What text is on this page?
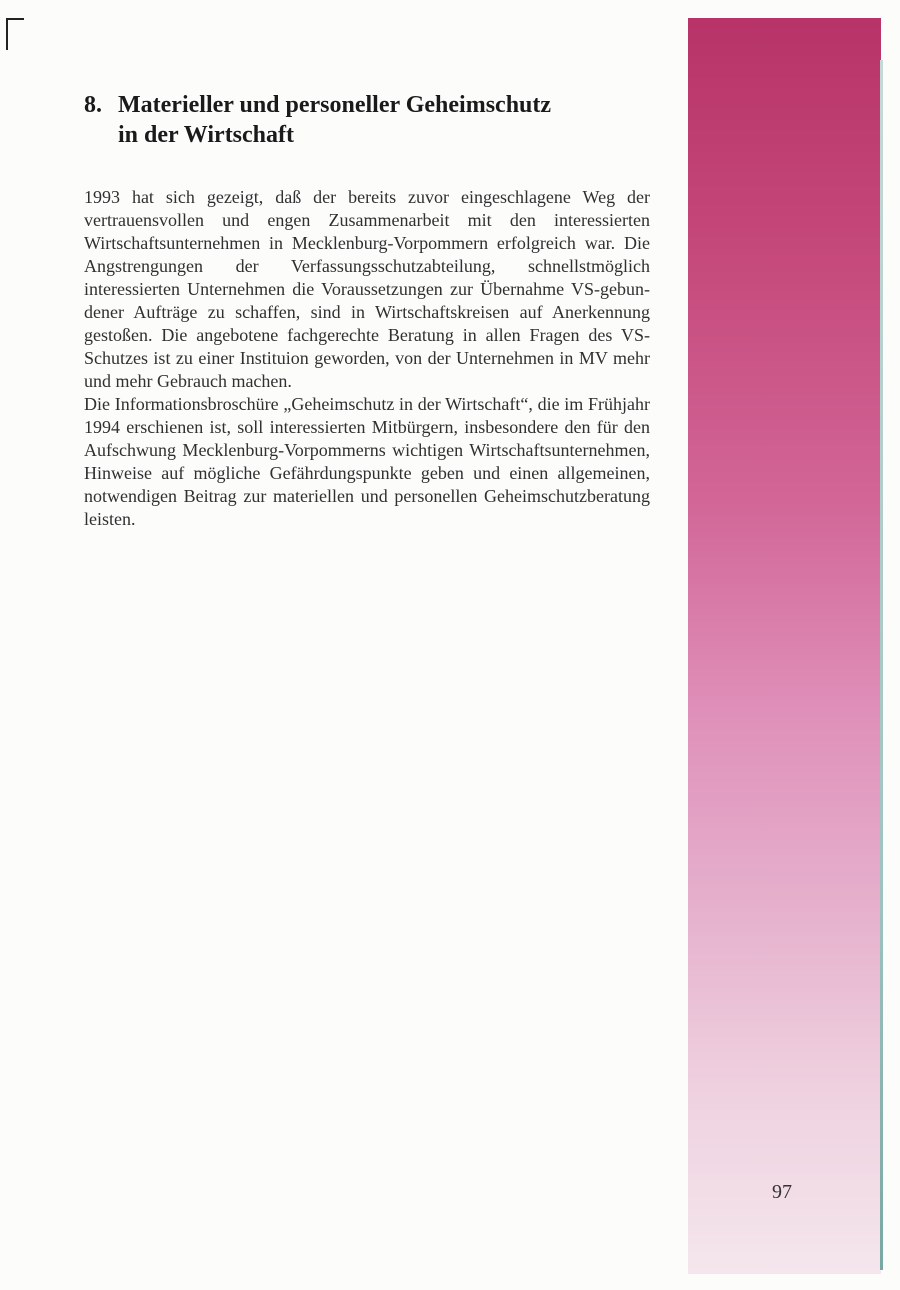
8. Materieller und personeller Geheimschutz
in der Wirtschaft

1993 hat sich gezeigt, daß der bereits zuvor eingeschlagene Weg der vertrauensvollen und engen Zusammenarbeit mit den interessierten Wirtschaftsunternehmen in Mecklenburg-Vorpommern erfolgreich war. Die Angstrengungen der Verfassungsschutzabteilung, schnellstmöglich interessierten Unternehmen die Voraussetzungen zur Übernahme VS-gebundener Aufträge zu schaffen, sind in Wirtschaftskreisen auf Anerkennung gestoßen. Die angebotene fachgerechte Beratung in allen Fragen des VS-Schutzes ist zu einer Instituion geworden, von der Unternehmen in MV mehr und mehr Gebrauch machen.

Die Informationsbroschüre „Geheimschutz in der Wirtschaft“, die im Frühjahr 1994 erschienen ist, soll interessierten Mitbürgern, insbesondere den für den Aufschwung Mecklenburg-Vorpommerns wichtigen Wirtschaftsunternehmen, Hinweise auf mögliche Gefährdungspunkte geben und einen allgemeinen, notwendigen Beitrag zur materiellen und personellen Geheimschutzberatung leisten.

97
